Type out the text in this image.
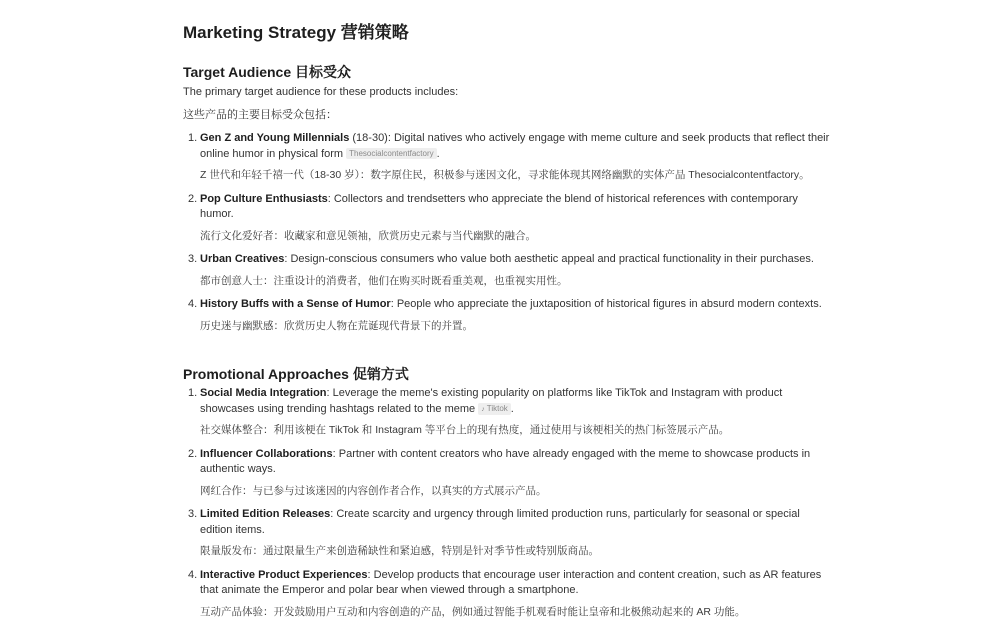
Marketing Strategy 营销策略
Target Audience 目标受众
The primary target audience for these products includes:
这些产品的主要目标受众包括：
1. Gen Z and Young Millennials (18-30): Digital natives who actively engage with meme culture and seek products that reflect their online humor in physical form Thesocialcontentfactory .
Z 世代和年轻千禧一代（18-30 岁）：数字原住民，积极参与迷因文化，寻求能体现其网络幽默的实体产品 Thesocialcontentfactory。
2. Pop Culture Enthusiasts: Collectors and trendsetters who appreciate the blend of historical references with contemporary humor.
流行文化爱好者：收藏家和意见领袖，欣赏历史元素与当代幽默的融合。
3. Urban Creatives: Design-conscious consumers who value both aesthetic appeal and practical functionality in their purchases.
都市创意人士：注重设计的消费者，他们在购买时既看重美观，也重视实用性。
4. History Buffs with a Sense of Humor: People who appreciate the juxtaposition of historical figures in absurd modern contexts.
历史迷与幽默感：欣赏历史人物在荒诞现代背景下的并置。
Promotional Approaches 促销方式
1. Social Media Integration: Leverage the meme's existing popularity on platforms like TikTok and Instagram with product showcases using trending hashtags related to the meme ♪ Tiktok .
社交媒体整合：利用该梗在 TikTok 和 Instagram 等平台上的现有热度，通过使用与该梗相关的热门标签展示产品。
2. Influencer Collaborations: Partner with content creators who have already engaged with the meme to showcase products in authentic ways.
网红合作：与已参与过该迷因的内容创作者合作，以真实的方式展示产品。
3. Limited Edition Releases: Create scarcity and urgency through limited production runs, particularly for seasonal or special edition items.
限量版发布：通过限量生产来创造稀缺性和紧迫感，特别是针对季节性或特别版商品。
4. Interactive Product Experiences: Develop products that encourage user interaction and content creation, such as AR features that animate the Emperor and polar bear when viewed through a smartphone.
互动产品体验：开发鼓励用户互动和内容创造的产品，例如通过智能手机观看时能让皇帝和北极熊动起来的 AR 功能。
